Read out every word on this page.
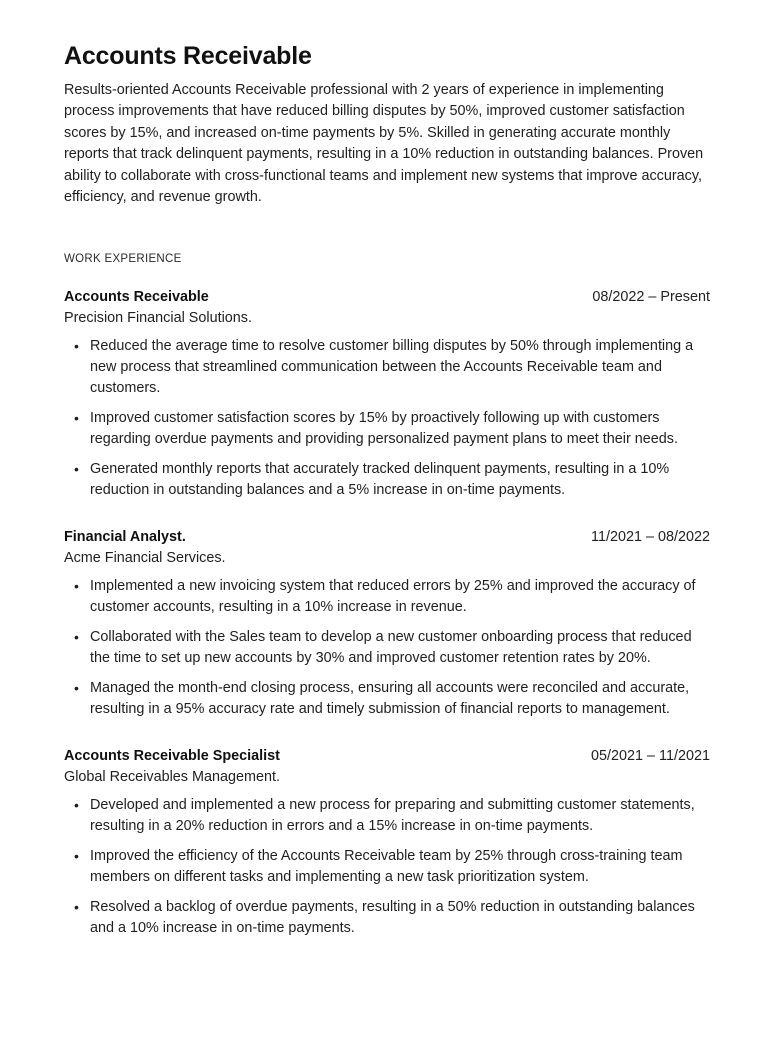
Accounts Receivable

Results-oriented Accounts Receivable professional with 2 years of experience in implementing process improvements that have reduced billing disputes by 50%, improved customer satisfaction scores by 15%, and increased on-time payments by 5%. Skilled in generating accurate monthly reports that track delinquent payments, resulting in a 10% reduction in outstanding balances. Proven ability to collaborate with cross-functional teams and implement new systems that improve accuracy, efficiency, and revenue growth.

WORK EXPERIENCE
Accounts Receivable	08/2022 – Present
Precision Financial Solutions.
• Reduced the average time to resolve customer billing disputes by 50% through implementing a new process that streamlined communication between the Accounts Receivable team and customers.
• Improved customer satisfaction scores by 15% by proactively following up with customers regarding overdue payments and providing personalized payment plans to meet their needs.
• Generated monthly reports that accurately tracked delinquent payments, resulting in a 10% reduction in outstanding balances and a 5% increase in on-time payments.
Financial Analyst.	11/2021 – 08/2022
Acme Financial Services.
• Implemented a new invoicing system that reduced errors by 25% and improved the accuracy of customer accounts, resulting in a 10% increase in revenue.
• Collaborated with the Sales team to develop a new customer onboarding process that reduced the time to set up new accounts by 30% and improved customer retention rates by 20%.
• Managed the month-end closing process, ensuring all accounts were reconciled and accurate, resulting in a 95% accuracy rate and timely submission of financial reports to management.
Accounts Receivable Specialist	05/2021 – 11/2021
Global Receivables Management.
• Developed and implemented a new process for preparing and submitting customer statements, resulting in a 20% reduction in errors and a 15% increase in on-time payments.
• Improved the efficiency of the Accounts Receivable team by 25% through cross-training team members on different tasks and implementing a new task prioritization system.
• Resolved a backlog of overdue payments, resulting in a 50% reduction in outstanding balances and a 10% increase in on-time payments.
